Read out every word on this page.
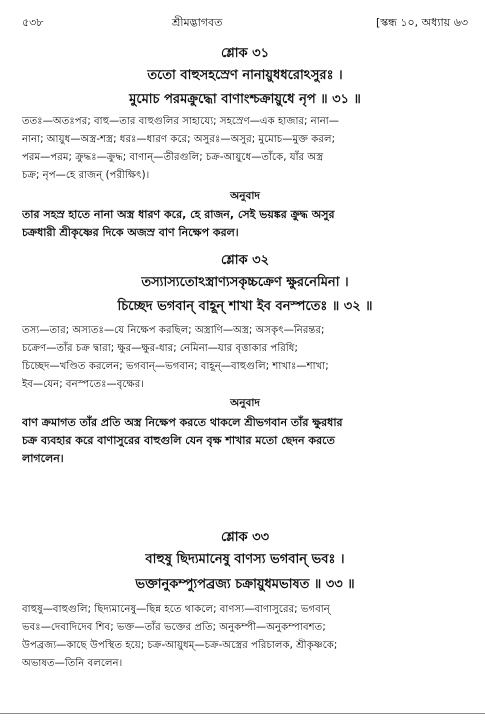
৫৩৮	শ্রীমদ্ভাগবত	[স্কন্ধ ১০, অধ্যায় ৬৩
শ্লোক ৩১
ততো বাহুসহস্রেণ নানায়ুধধরোঽসুরঃ ।
মুমোচ পরমক্রুদ্ধো বাণাংশ্চক্রায়ুধে নৃপ ॥ ৩১ ॥
ততঃ—অতঃপর; বাহু—তার বাহুগুলির সাহায্যে; সহস্রেণ—এক হাজার; নানা—
নানা; আয়ুধ—অস্ত্র-শস্ত্র; ধরঃ—ধারণ করে; অসুরঃ—অসুর; মুমোচ—মুক্ত করল;
পরম—পরম; ক্রুদ্ধঃ—ক্রুদ্ধ; বাণান্—তীরগুলি; চক্র-আয়ুধে—তাঁকে, যাঁর অস্ত্র
চক্র; নৃপ—হে রাজন্ (পরীক্ষিৎ)।
অনুবাদ
তার সহস্র হাতে নানা অস্ত্র ধারণ করে, হে রাজন, সেই ভয়ঙ্কর ক্রুদ্ধ অসুর
চক্রধারী শ্রীকৃষ্ণের দিকে অজস্র বাণ নিক্ষেপ করল।
শ্লোক ৩২
তস্যাস্যতোঽস্ত্রাণ্যসকৃচ্চক্রেণ ক্ষুরনেমিনা ।
চিচ্ছেদ ভগবান্ বাহূন্ শাখা ইব বনস্পতেঃ ॥ ৩২ ॥
তস্য—তার; অস্যতঃ—যে নিক্ষেপ করছিল; অস্ত্রাণি—অস্ত্র; অসকৃৎ—নিরন্তর;
চক্রেণ—তাঁর চক্র দ্বারা; ক্ষুর—ক্ষুর-ধার; নেমিনা—যার বৃত্তাকার পরিধি;
চিচ্ছেদ—খণ্ডিত করলেন; ভগবান্—ভগবান; বাহূন্—বাহুগুলি; শাখাঃ—শাখা;
ইব—যেন; বনস্পতেঃ—বৃক্ষের।
অনুবাদ
বাণ ক্রমাগত তাঁর প্রতি অস্ত্র নিক্ষেপ করতে থাকলে শ্রীভগবান তাঁর ক্ষুরধার
চক্র ব্যবহার করে বাণাসুরের বাহুগুলি যেন বৃক্ষ শাখার মতো ছেদন করতে
লাগলেন।
শ্লোক ৩৩
বাহুষু ছিদ্যমানেষু বাণস্য ভগবান্ ভবঃ ।
ভক্তানুকম্প্যুপব্রজ্য চক্রায়ুধমভাষত ॥ ৩৩ ॥
বাহুষু—বাহুগুলি; ছিদ্যমানেষু—ছিন্ন হতে থাকলে; বাণস্য—বাণাসুরের; ভগবান্
ভবঃ—দেবাদিদেব শিব; ভক্ত—তাঁর ভক্তের প্রতি; অনুকম্পী—অনুকম্পাবশত;
উপব্রজ্য—কাছে উপস্থিত হয়ে; চক্র-আয়ুধম্—চক্র-অস্ত্রের পরিচালক, শ্রীকৃষ্ণকে;
অভাষত—তিনি বললেন।
